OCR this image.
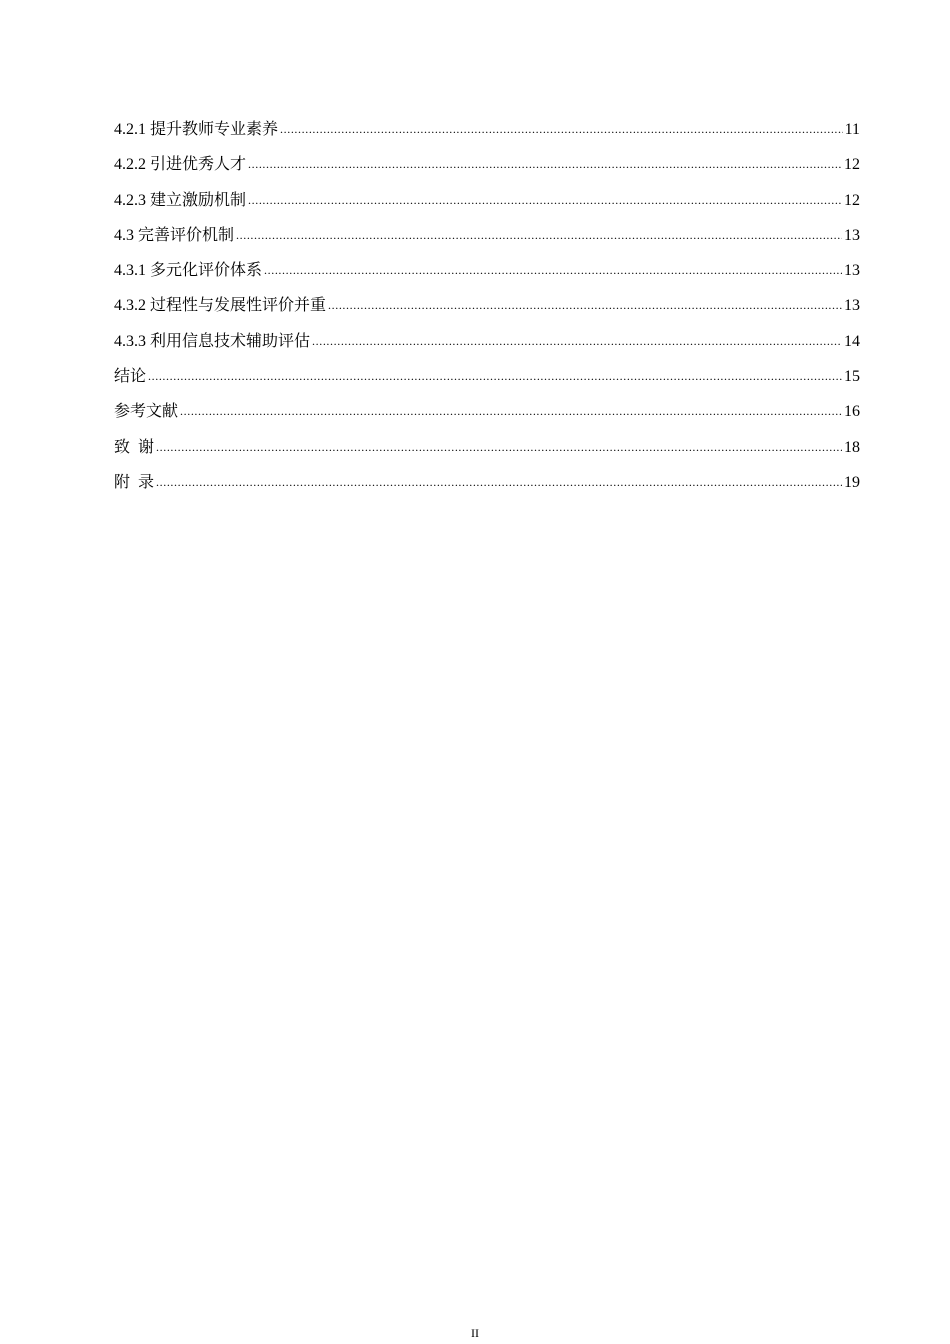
4.2.1 提升教师专业素养 .....	11
4.2.2 引进优秀人才 .....	12
4.2.3 建立激励机制 .....	12
4.3 完善评价机制 .....	13
4.3.1 多元化评价体系 .....	13
4.3.2 过程性与发展性评价并重 .....	13
4.3.3 利用信息技术辅助评估 .....	14
结论 .....	15
参考文献 .....	16
致  谢 .....	18
附  录 .....	19
II
